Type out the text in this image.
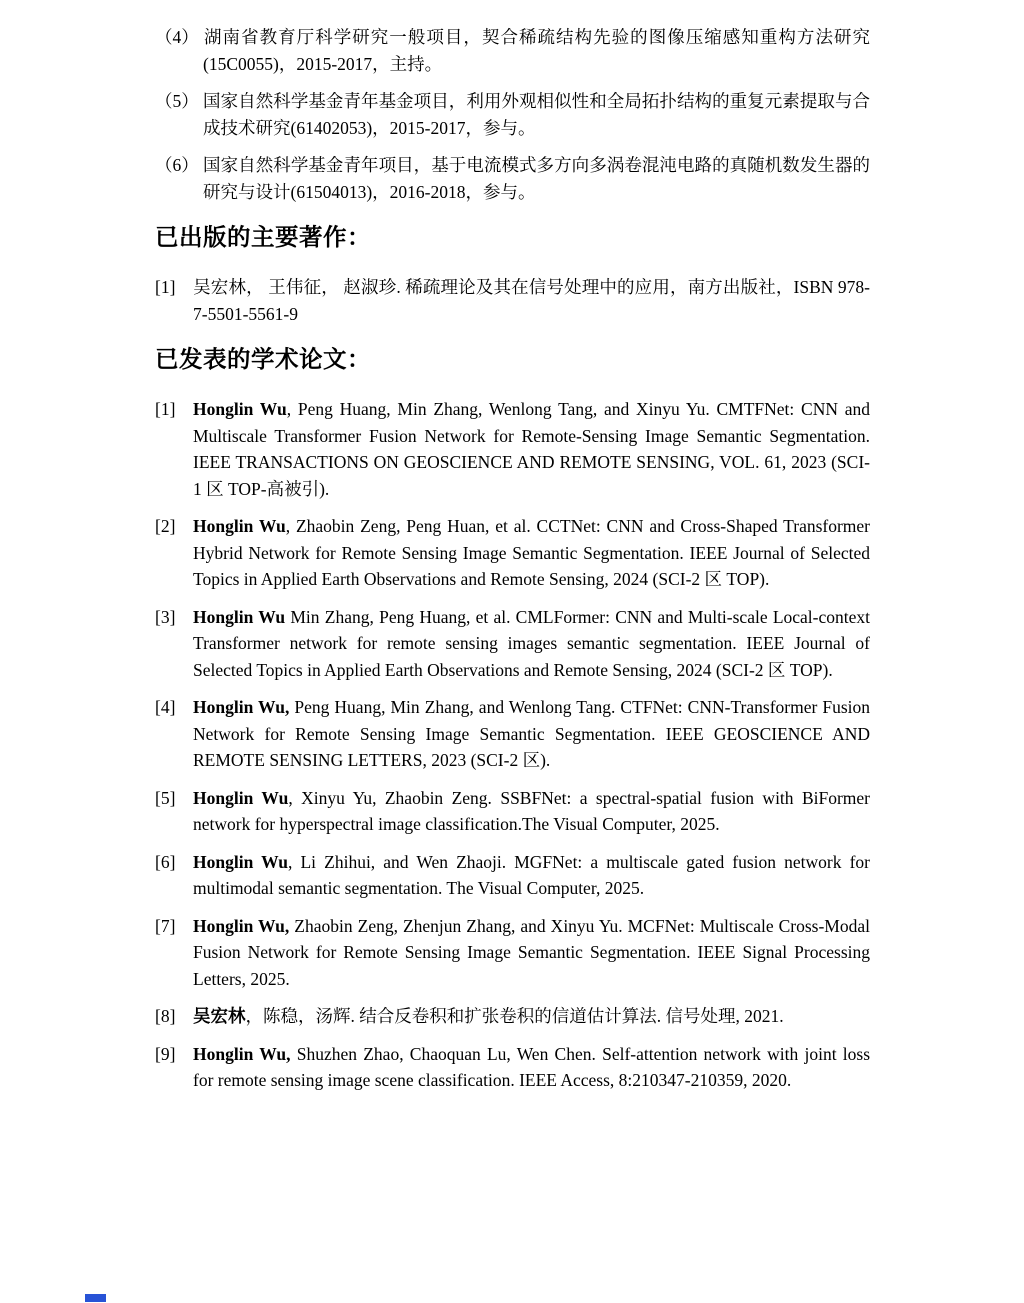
（4） 湖南省教育厅科学研究一般项目，契合稀疏结构先验的图像压缩感知重构方法研究(15C0055)，2015-2017，主持。
（5） 国家自然科学基金青年基金项目，利用外观相似性和全局拓扑结构的重复元素提取与合成技术研究(61402053)，2015-2017，参与。
（6） 国家自然科学基金青年项目，基于电流模式多方向多涡卷混沌电路的真随机数发生器的研究与设计(61504013)，2016-2018，参与。
已出版的主要著作：
[1] 吴宏林， 王伟征， 赵淑珍. 稀疏理论及其在信号处理中的应用，南方出版社，ISBN 978-7-5501-5561-9
已发表的学术论文：
[1] Honglin Wu, Peng Huang, Min Zhang, Wenlong Tang, and Xinyu Yu. CMTFNet: CNN and Multiscale Transformer Fusion Network for Remote-Sensing Image Semantic Segmentation. IEEE TRANSACTIONS ON GEOSCIENCE AND REMOTE SENSING, VOL. 61, 2023 (SCI-1 区 TOP-高被引).
[2] Honglin Wu, Zhaobin Zeng, Peng Huan, et al. CCTNet: CNN and Cross-Shaped Transformer Hybrid Network for Remote Sensing Image Semantic Segmentation. IEEE Journal of Selected Topics in Applied Earth Observations and Remote Sensing, 2024 (SCI-2 区 TOP).
[3] Honglin Wu Min Zhang, Peng Huang, et al. CMLFormer: CNN and Multi-scale Local-context Transformer network for remote sensing images semantic segmentation. IEEE Journal of Selected Topics in Applied Earth Observations and Remote Sensing, 2024 (SCI-2 区 TOP).
[4] Honglin Wu, Peng Huang, Min Zhang, and Wenlong Tang. CTFNet: CNN-Transformer Fusion Network for Remote Sensing Image Semantic Segmentation. IEEE GEOSCIENCE AND REMOTE SENSING LETTERS, 2023 (SCI-2 区).
[5] Honglin Wu, Xinyu Yu, Zhaobin Zeng. SSBFNet: a spectral-spatial fusion with BiFormer network for hyperspectral image classification.The Visual Computer, 2025.
[6] Honglin Wu, Li Zhihui, and Wen Zhaoji. MGFNet: a multiscale gated fusion network for multimodal semantic segmentation. The Visual Computer, 2025.
[7] Honglin Wu, Zhaobin Zeng, Zhenjun Zhang, and Xinyu Yu. MCFNet: Multiscale Cross-Modal Fusion Network for Remote Sensing Image Semantic Segmentation. IEEE Signal Processing Letters, 2025.
[8] 吴宏林，陈稳，汤辉. 结合反卷积和扩张卷积的信道估计算法. 信号处理, 2021.
[9] Honglin Wu, Shuzhen Zhao, Chaoquan Lu, Wen Chen. Self-attention network with joint loss for remote sensing image scene classification. IEEE Access, 8:210347-210359, 2020.
